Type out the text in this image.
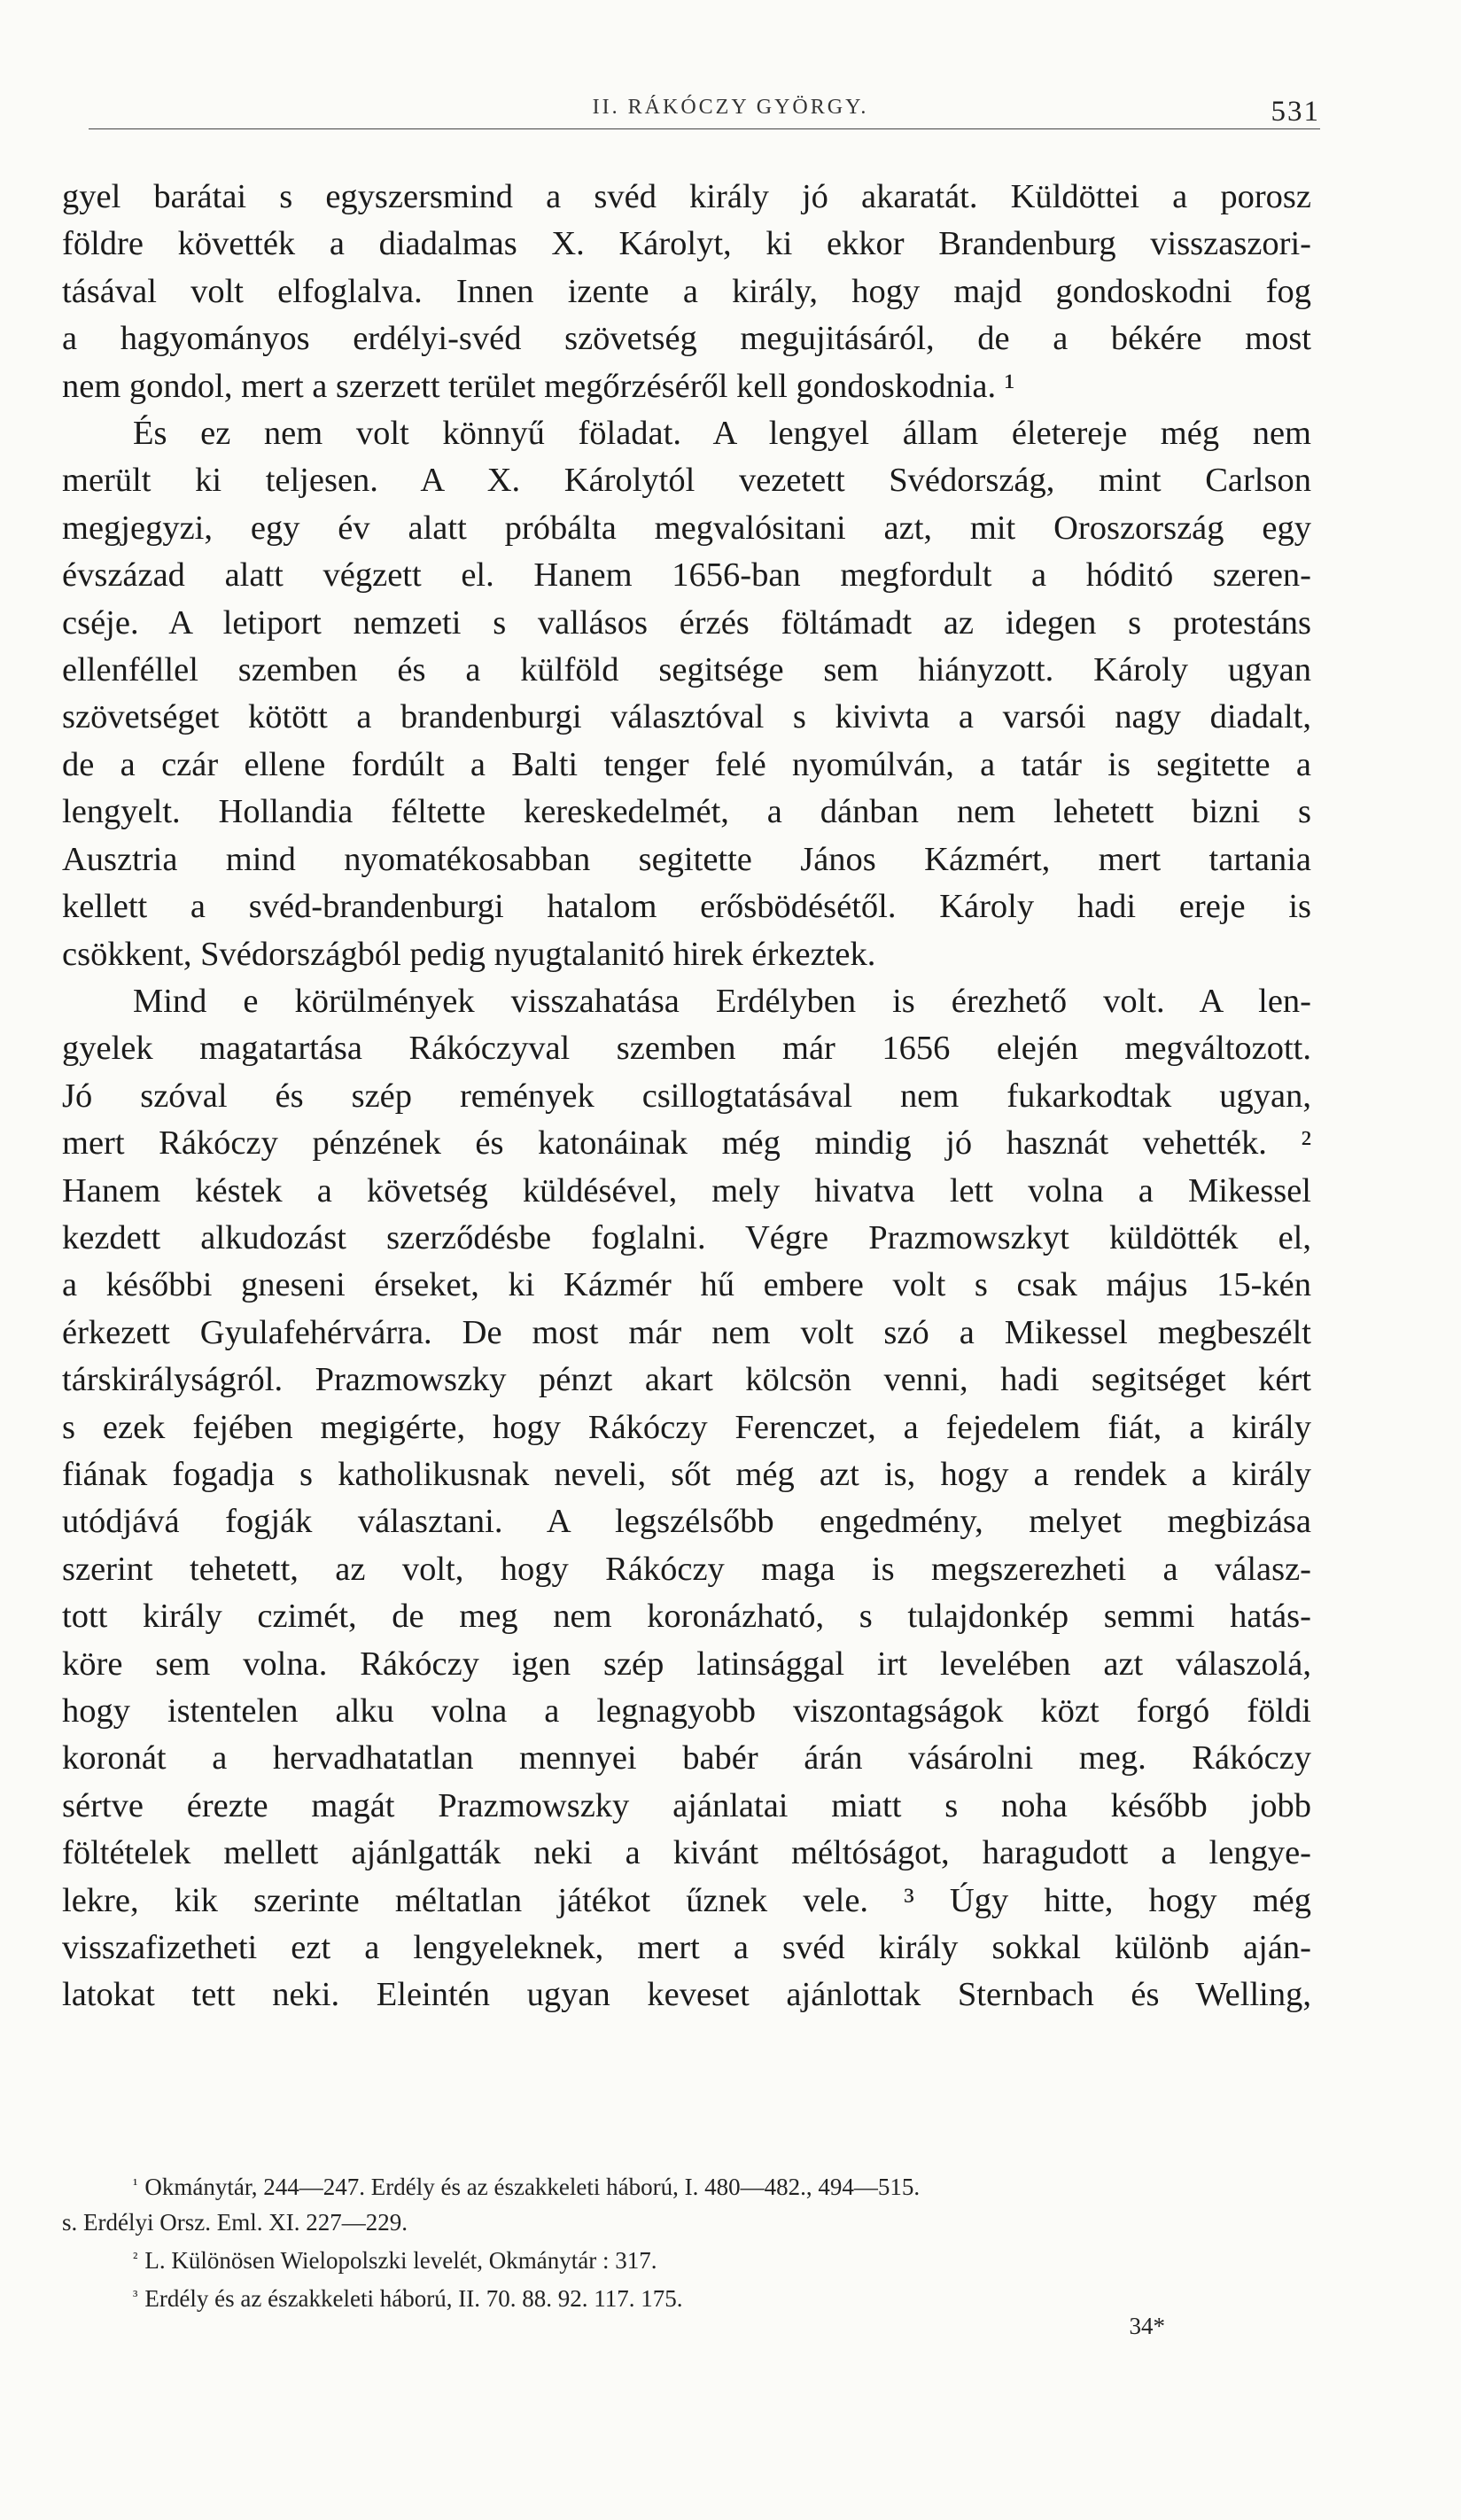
II. RÁKÓCZY GYÖRGY.	531
gyel barátai s egyszersmind a svéd király jó akaratát. Küldöttei a porosz
földre követték a diadalmas X. Károlyt, ki ekkor Brandenburg visszaszori-
tásával volt elfoglalva. Innen izente a király, hogy majd gondoskodni fog
a hagyományos erdélyi-svéd szövetség megujitásáról, de a békére most
nem gondol, mert a szerzett terület megőrzéséről kell gondoskodnia. ¹
És ez nem volt könnyű föladat. A lengyel állam életereje még nem
merült ki teljesen. A X. Károlytól vezetett Svédország, mint Carlson
megjegyzi, egy év alatt próbálta megvalósitani azt, mit Oroszország egy
évszázad alatt végzett el. Hanem 1656-ban megfordult a hóditó szeren-
cséje. A letiport nemzeti s vallásos érzés föltámadt az idegen s protestáns
ellenféllel szemben és a külföld segitsége sem hiányzott. Károly ugyan
szövetséget kötött a brandenburgi választóval s kivivta a varsói nagy diadalt,
de a czár ellene fordúlt a Balti tenger felé nyomúlván, a tatár is segitette a
lengyelt. Hollandia féltette kereskedelmét, a dánban nem lehetett bizni s
Ausztria mind nyomatékosabban segitette János Kázmért, mert tartania
kellett a svéd-brandenburgi hatalom erősbödésétől. Károly hadi ereje is
csökkent, Svédországból pedig nyugtalanitó hirek érkeztek.
Mind e körülmények visszahatása Erdélyben is érezhető volt. A len-
gyelek magatartása Rákóczyval szemben már 1656 elején megváltozott.
Jó szóval és szép remények csillogtatásával nem fukarkodtak ugyan,
mert Rákóczy pénzének és katonáinak még mindig jó hasznát vehették. ²
Hanem késtek a követség küldésével, mely hivatva lett volna a Mikessel
kezdett alkudozást szerződésbe foglalni. Végre Prazmowszkyt küldötték el,
a későbbi gneseni érseket, ki Kázmér hű embere volt s csak május 15-kén
érkezett Gyulafehérvárra. De most már nem volt szó a Mikessel megbeszélt
társkirályságról. Prazmowszky pénzt akart kölcsön venni, hadi segitséget kért
s ezek fejében megigérte, hogy Rákóczy Ferenczet, a fejedelem fiát, a király
fiának fogadja s katholikusnak neveli, sőt még azt is, hogy a rendek a király
utódjává fogják választani. A legszélsőbb engedmény, melyet megbizása
szerint tehetett, az volt, hogy Rákóczy maga is megszerezheti a válasz-
tott király czimét, de meg nem koronázható, s tulajdonkép semmi hatás-
köre sem volna. Rákóczy igen szép latinsággal irt levelében azt válaszolá,
hogy istentelen alku volna a legnagyobb viszontagságok közt forgó földi
koronát a hervadhatatlan mennyei babér árán vásárolni meg. Rákóczy
sértve érezte magát Prazmowszky ajánlatai miatt s noha később jobb
föltételek mellett ajánlgatták neki a kivánt méltóságot, haragudott a lengye-
lekre, kik szerinte méltatlan játékot űznek vele. ³ Úgy hitte, hogy még
visszafizetheti ezt a lengyeleknek, mert a svéd király sokkal különb aján-
latokat tett neki. Eleintén ugyan keveset ajánlottak Sternbach és Welling,
$^{^1}$ Okmánytár, 244—247. Erdély és az északkeleti háború, I. 480—482., 494—515.
s. Erdélyi Orsz. Eml. XI. 227—229.
$^{^2}$ L. Különösen Wielopolszki levelét, Okmánytár : 317.
$^{^3}$ Erdély és az északkeleti háború, II. 70. 88. 92. 117. 175.
34*
